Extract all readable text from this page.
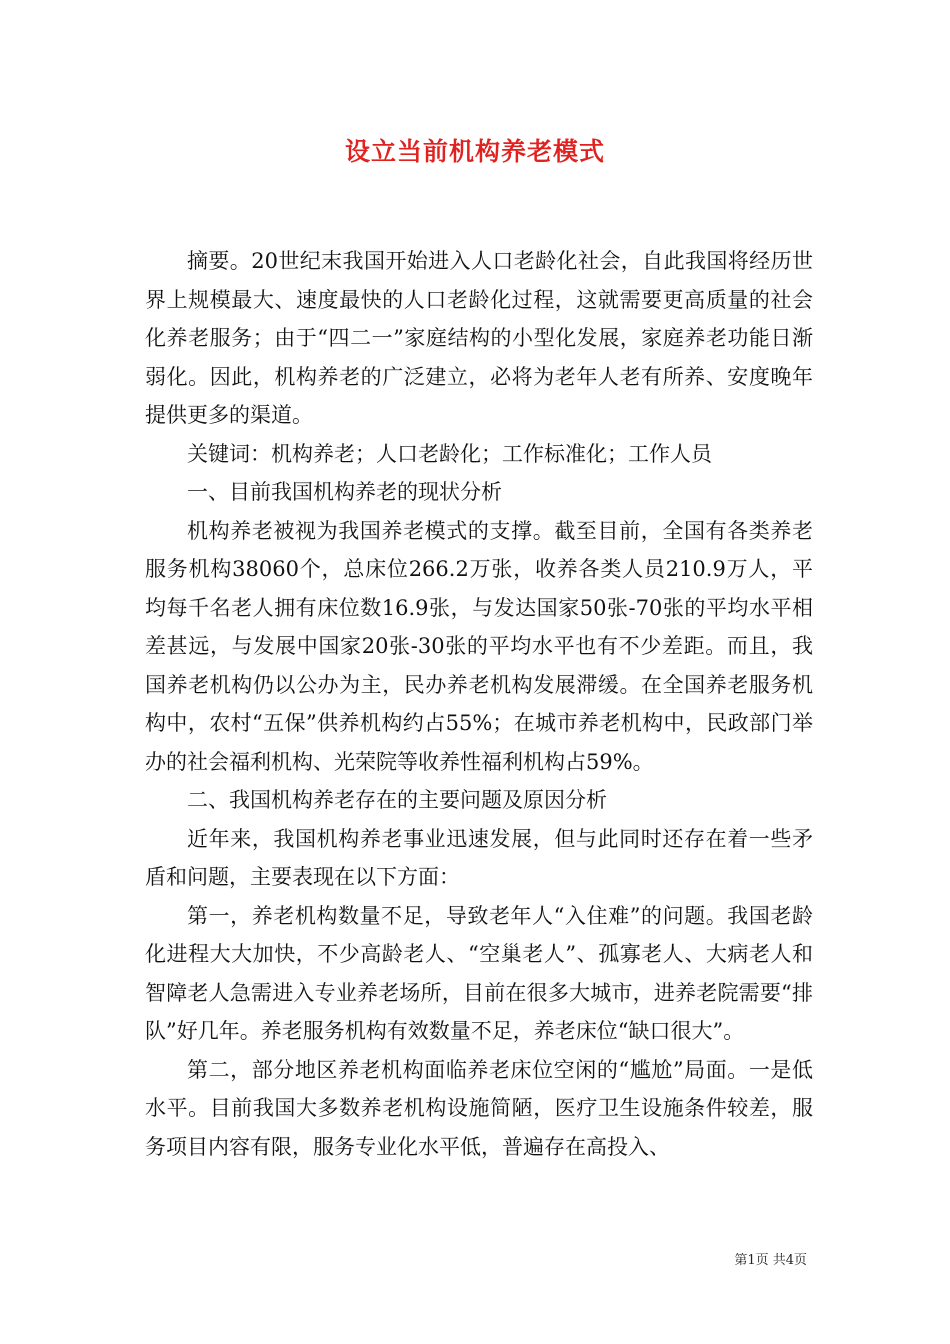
设立当前机构养老模式

摘要。20世纪末我国开始进入人口老龄化社会，自此我国将经历世界上规模最大、速度最快的人口老龄化过程，这就需要更高质量的社会化养老服务；由于“四二一”家庭结构的小型化发展，家庭养老功能日渐弱化。因此，机构养老的广泛建立，必将为老年人老有所养、安度晚年提供更多的渠道。

关键词：机构养老；人口老龄化；工作标准化；工作人员

一、目前我国机构养老的现状分析

机构养老被视为我国养老模式的支撑。截至目前，全国有各类养老服务机构38060个，总床位266.2万张，收养各类人员210.9万人，平均每千名老人拥有床位数16.9张，与发达国家50张-70张的平均水平相差甚远，与发展中国家20张-30张的平均水平也有不少差距。而且，我国养老机构仍以公办为主，民办养老机构发展滞缓。在全国养老服务机构中，农村“五保”供养机构约占55%；在城市养老机构中，民政部门举办的社会福利机构、光荣院等收养性福利机构占59%。

二、我国机构养老存在的主要问题及原因分析

近年来，我国机构养老事业迅速发展，但与此同时还存在着一些矛盾和问题，主要表现在以下方面：

第一，养老机构数量不足，导致老年人“入住难”的问题。我国老龄化进程大大加快，不少高龄老人、“空巢老人”、孤寡老人、大病老人和智障老人急需进入专业养老场所，目前在很多大城市，进养老院需要“排队”好几年。养老服务机构有效数量不足，养老床位“缺口很大”。

第二，部分地区养老机构面临养老床位空闲的“尴尬”局面。一是低水平。目前我国大多数养老机构设施简陋，医疗卫生设施条件较差，服务项目内容有限，服务专业化水平低，普遍存在高投入、

第1页 共4页
